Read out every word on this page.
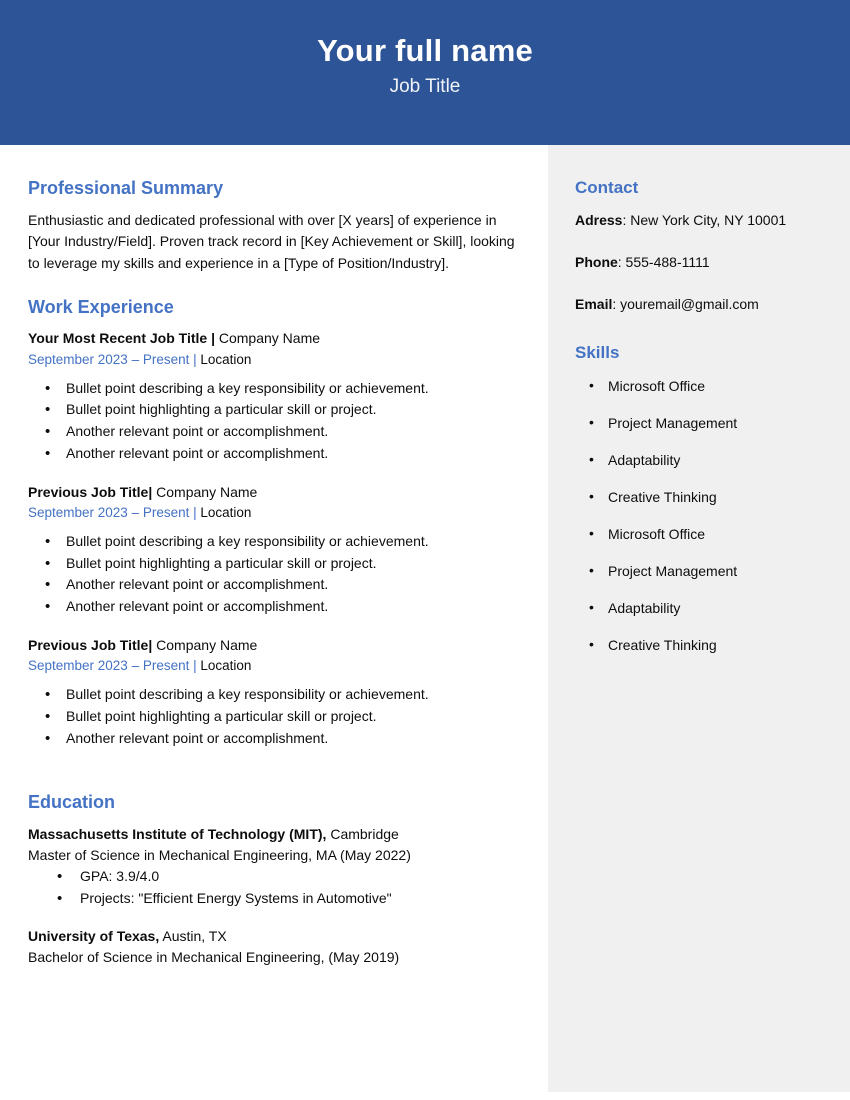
Your full name
Job Title
Professional Summary

Enthusiastic and dedicated professional with over [X years] of experience in [Your Industry/Field]. Proven track record in [Key Achievement or Skill], looking to leverage my skills and experience in a [Type of Position/Industry].

Work Experience

Your Most Recent Job Title | Company Name

September 2023 – Present | Location

• Bullet point describing a key responsibility or achievement.
• Bullet point highlighting a particular skill or project.
• Another relevant point or accomplishment.
• Another relevant point or accomplishment.

Previous Job Title| Company Name

September 2023 – Present | Location

• Bullet point describing a key responsibility or achievement.
• Bullet point highlighting a particular skill or project.
• Another relevant point or accomplishment.
• Another relevant point or accomplishment.

Previous Job Title| Company Name

September 2023 – Present | Location

• Bullet point describing a key responsibility or achievement.
• Bullet point highlighting a particular skill or project.
• Another relevant point or accomplishment.
Education

Massachusetts Institute of Technology (MIT), Cambridge

Master of Science in Mechanical Engineering, MA (May 2022)

• GPA: 3.9/4.0
• Projects: "Efficient Energy Systems in Automotive"

University of Texas, Austin, TX

Bachelor of Science in Mechanical Engineering, (May 2019)

Contact

Adress: New York City, NY 10001

Phone: 555-488-1111

Email: youremail@gmail.com

Skills
• Microsoft Office
• Project Management
• Adaptability
• Creative Thinking
• Microsoft Office
• Project Management
• Adaptability
• Creative Thinking
